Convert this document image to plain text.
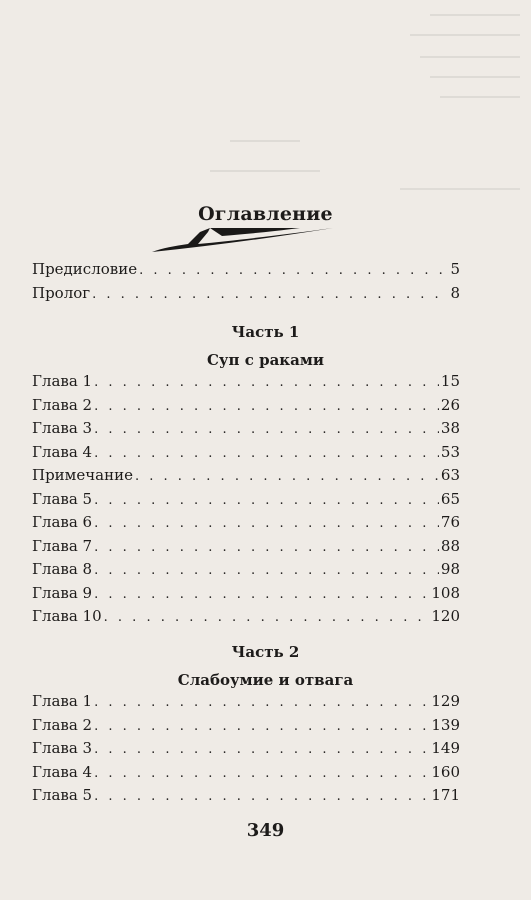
Оглавление
Предисловие . . .	5
Пролог . . .	8
Часть 1
Суп с раками
Глава 1 . . .	15
Глава 2 . . .	26
Глава 3 . . .	38
Глава 4 . . .	53
Примечание . . .	63
Глава 5 . . .	65
Глава 6 . . .	76
Глава 7 . . .	88
Глава 8 . . .	98
Глава 9 . . .	108
Глава 10 . . .	120
Часть 2
Слабоумие и отвага
Глава 1 . . .	129
Глава 2 . . .	139
Глава 3 . . .	149
Глава 4 . . .	160
Глава 5 . . .	171
349
